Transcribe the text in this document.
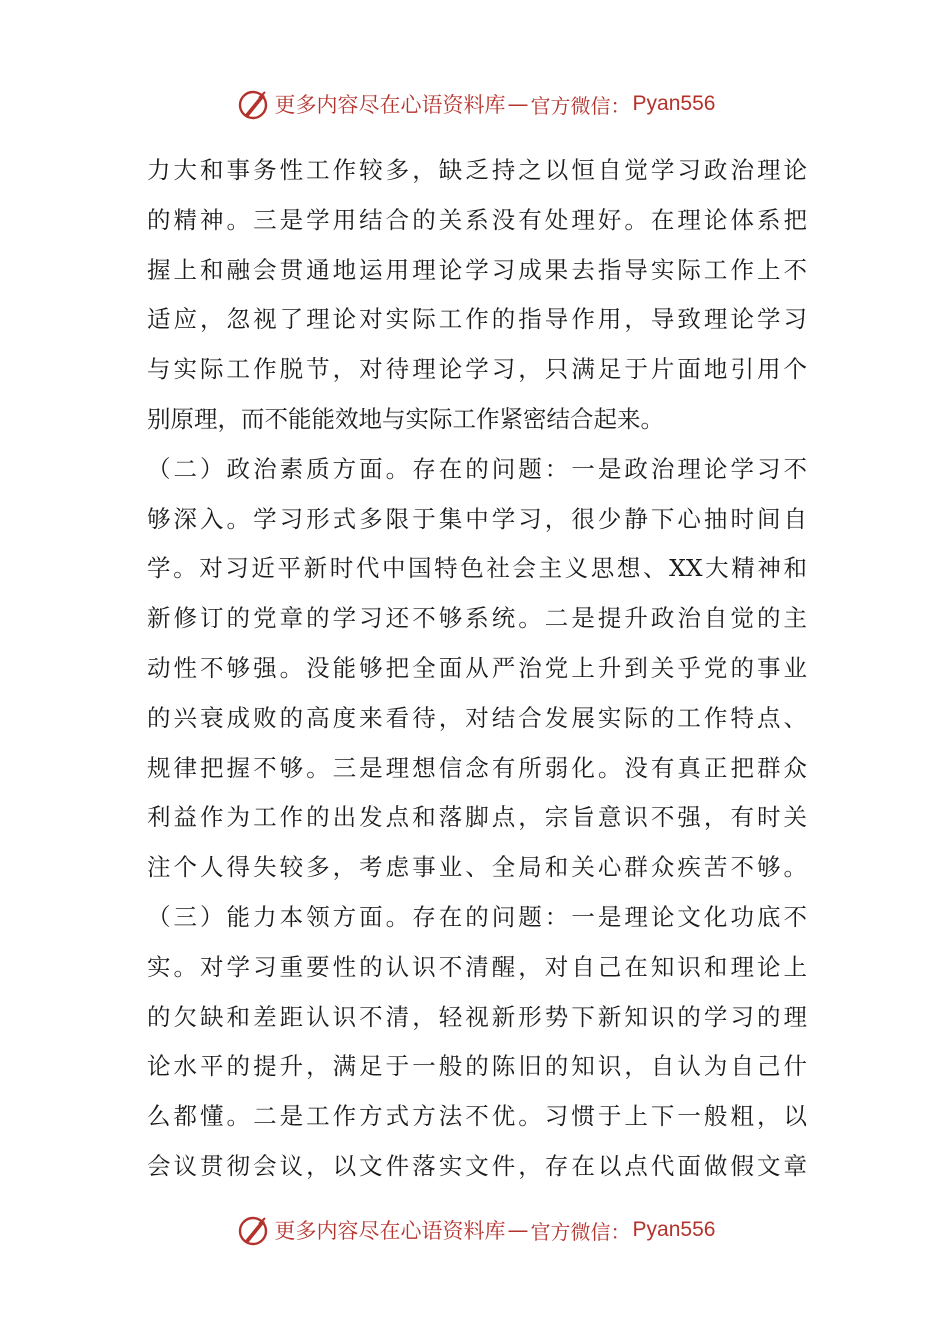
更多内容尽在心语资料库 — 官方微信： Pyan556
力大和事务性工作较多，缺乏持之以恒自觉学习政治理论
的精神。三是学用结合的关系没有处理好。在理论体系把
握上和融会贯通地运用理论学习成果去指导实际工作上不
适应，忽视了理论对实际工作的指导作用，导致理论学习
与实际工作脱节，对待理论学习，只满足于片面地引用个
别原理，而不能能效地与实际工作紧密结合起来。
（二）政治素质方面。存在的问题：一是政治理论学习不
够深入。学习形式多限于集中学习，很少静下心抽时间自
学。对习近平新时代中国特色社会主义思想、XX大精神和
新修订的党章的学习还不够系统。二是提升政治自觉的主
动性不够强。没能够把全面从严治党上升到关乎党的事业
的兴衰成败的高度来看待，对结合发展实际的工作特点、
规律把握不够。三是理想信念有所弱化。没有真正把群众
利益作为工作的出发点和落脚点，宗旨意识不强，有时关
注个人得失较多，考虑事业、全局和关心群众疾苦不够。
（三）能力本领方面。存在的问题：一是理论文化功底不
实。对学习重要性的认识不清醒，对自己在知识和理论上
的欠缺和差距认识不清，轻视新形势下新知识的学习的理
论水平的提升，满足于一般的陈旧的知识，自认为自己什
么都懂。二是工作方式方法不优。习惯于上下一般粗，以
会议贯彻会议，以文件落实文件，存在以点代面做假文章
更多内容尽在心语资料库 — 官方微信： Pyan556
